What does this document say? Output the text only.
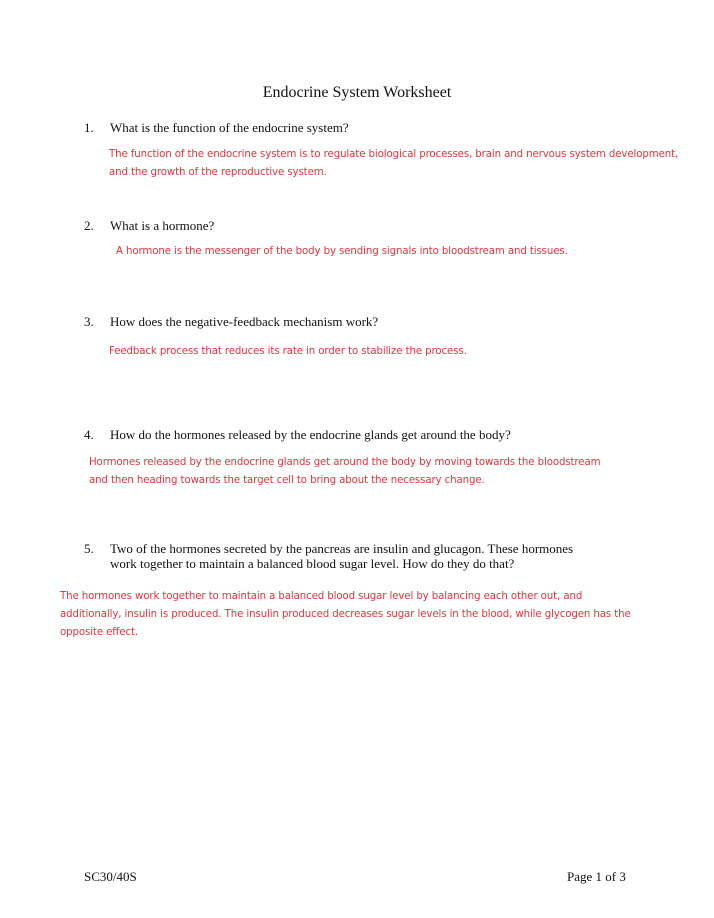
Endocrine System Worksheet
1. What is the function of the endocrine system?
The function of the endocrine system is to regulate biological processes, brain and nervous system development,
and the growth of the reproductive system.
2. What is a hormone?
A hormone is the messenger of the body by sending signals into bloodstream and tissues.
3. How does the negative-feedback mechanism work?
Feedback process that reduces its rate in order to stabilize the process.
4. How do the hormones released by the endocrine glands get around the body?
Hormones released by the endocrine glands get around the body by moving towards the bloodstream
and then heading towards the target cell to bring about the necessary change.
5. Two of the hormones secreted by the pancreas are insulin and glucagon. These hormones
work together to maintain a balanced blood sugar level. How do they do that?
The hormones work together to maintain a balanced blood sugar level by balancing each other out, and
additionally, insulin is produced. The insulin produced decreases sugar levels in the blood, while glycogen has the
opposite effect.
SC30/40S	Page 1 of 3
